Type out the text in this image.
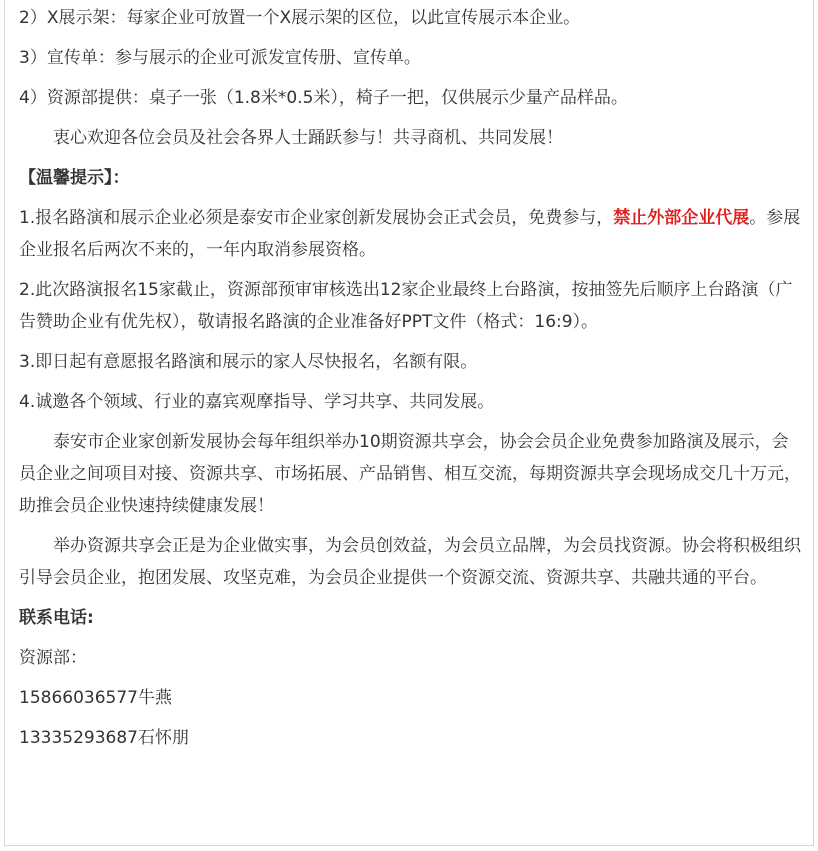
2）X展示架：每家企业可放置一个X展示架的区位，以此宣传展示本企业。

3）宣传单：参与展示的企业可派发宣传册、宣传单。

4）资源部提供：桌子一张（1.8米*0.5米），椅子一把，仅供展示少量产品样品。

衷心欢迎各位会员及社会各界人士踊跃参与！共寻商机、共同发展！

【温馨提示】：

1.报名路演和展示企业必须是泰安市企业家创新发展协会正式会员，免费参与，禁止外部企业代展。参展企业报名后两次不来的，一年内取消参展资格。

2.此次路演报名15家截止，资源部预审审核选出12家企业最终上台路演，按抽签先后顺序上台路演（广告赞助企业有优先权），敬请报名路演的企业准备好PPT文件（格式：16:9）。

3.即日起有意愿报名路演和展示的家人尽快报名，名额有限。

4.诚邀各个领域、行业的嘉宾观摩指导、学习共享、共同发展。

泰安市企业家创新发展协会每年组织举办10期资源共享会，协会会员企业免费参加路演及展示，会员企业之间项目对接、资源共享、市场拓展、产品销售、相互交流，每期资源共享会现场成交几十万元，助推会员企业快速持续健康发展！

举办资源共享会正是为企业做实事，为会员创效益，为会员立品牌，为会员找资源。协会将积极组织引导会员企业，抱团发展、攻坚克难，为会员企业提供一个资源交流、资源共享、共融共通的平台。

联系电话:

资源部：

15866036577牛燕

13335293687石怀朋
